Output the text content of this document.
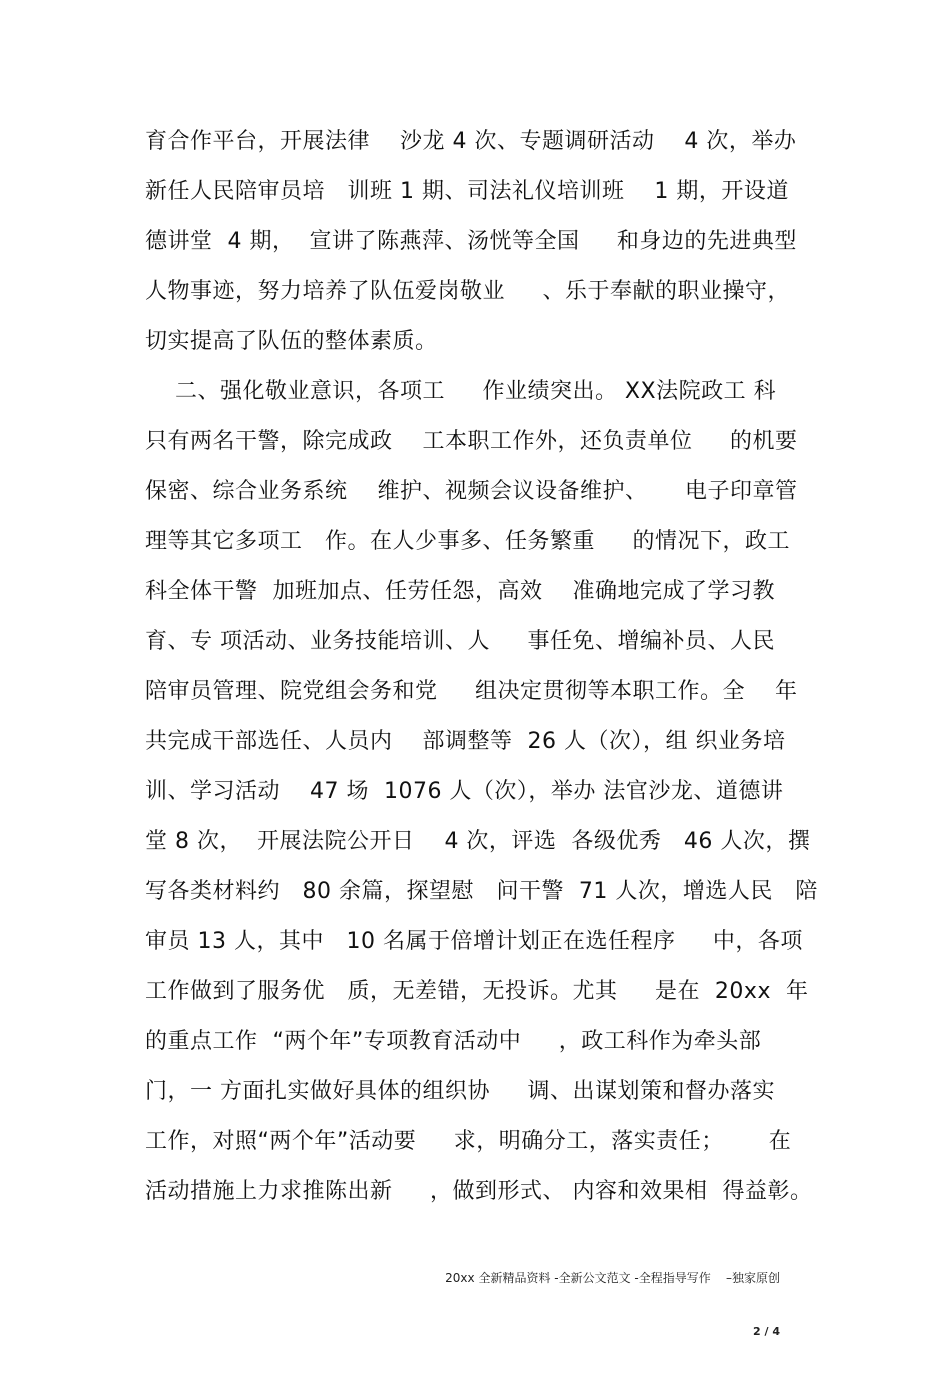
育合作平台，开展法律    沙龙 4 次、专题调研活动    4 次，举办
新任人民陪审员培   训班 1 期、司法礼仪培训班    1 期，开设道
德讲堂  4 期，  宣讲了陈燕萍、汤恍等全国     和身边的先进典型
人物事迹，努力培养了队伍爱岗敬业     、乐于奉献的职业操守，
切实提高了队伍的整体素质。
二、强化敬业意识，各项工     作业绩突出。 XX法院政工 科
只有两名干警，除完成政    工本职工作外，还负责单位     的机要
保密、综合业务系统    维护、视频会议设备维护、     电子印章管
理等其它多项工   作。在人少事多、任务繁重     的情况下，政工
科全体干警  加班加点、任劳任怨，高效    准确地完成了学习教
育、专 项活动、业务技能培训、人     事任免、增编补员、人民
陪审员管理、院党组会务和党     组决定贯彻等本职工作。全    年
共完成干部选任、人员内    部调整等  26 人（次），组 织业务培
训、学习活动    47 场  1076 人（次），举办 法官沙龙、道德讲
堂 8 次，  开展法院公开日    4 次，评选  各级优秀   46 人次，撰
写各类材料约   80 余篇，探望慰   问干警  71 人次，增选人民   陪
审员 13 人，其中   10 名属于倍增计划正在选任程序     中，各项
工作做到了服务优   质，无差错，无投诉。尤其     是在  20xx  年
的重点工作  “两个年”专项教育活动中     ，政工科作为牵头部
门，一 方面扎实做好具体的组织协     调、出谋划策和督办落实
工作，对照“两个年”活动要     求，明确分工，落实责任；      在
活动措施上力求推陈出新     ，做到形式、 内容和效果相  得益彰。

20xx 全新精品资料 -全新公文范文 -全程指导写作    –独家原创

2 / 4
